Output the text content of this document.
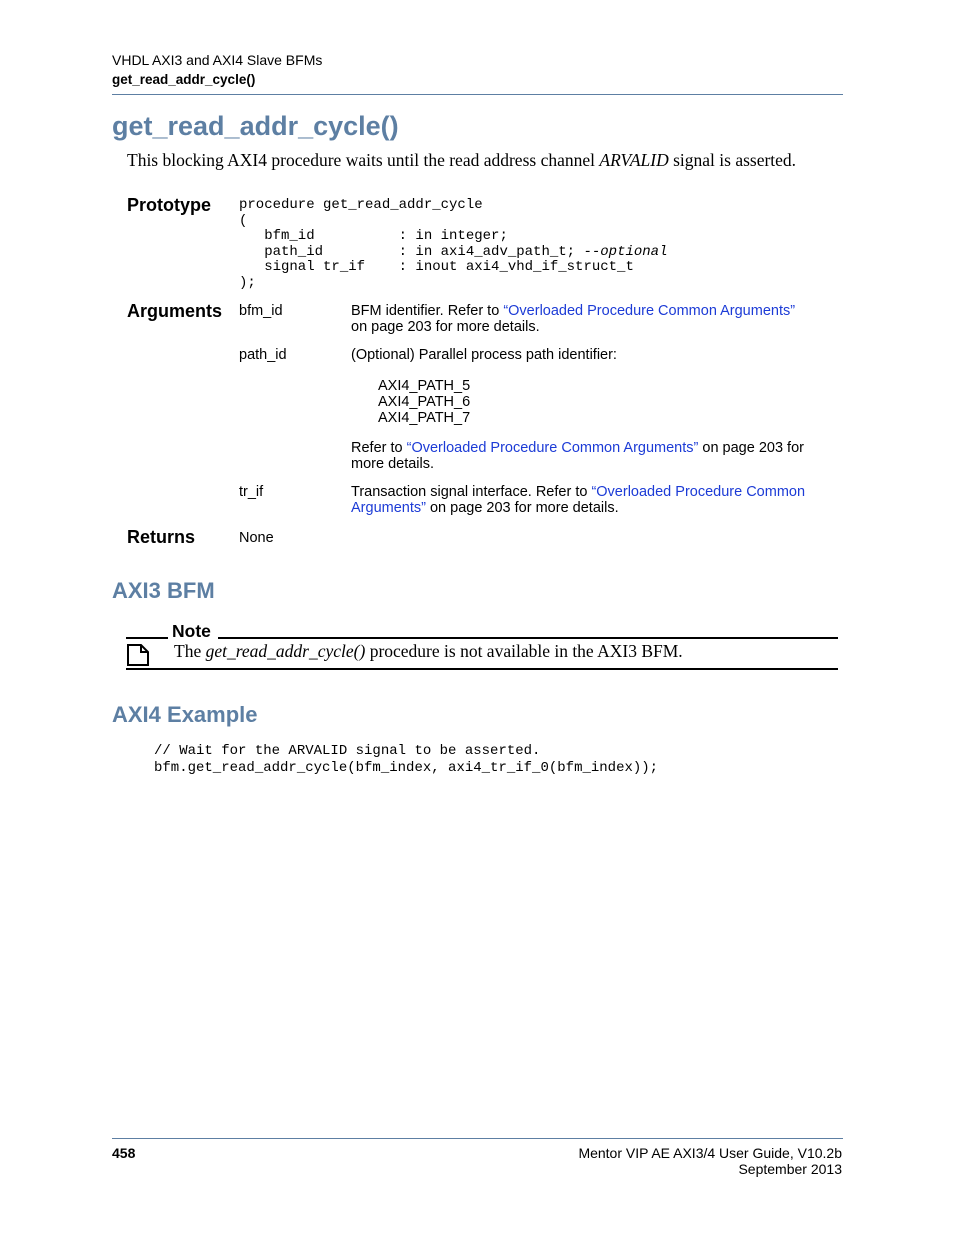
VHDL AXI3 and AXI4 Slave BFMs
get_read_addr_cycle()
get_read_addr_cycle()
This blocking AXI4 procedure waits until the read address channel ARVALID signal is asserted.
Prototype procedure get_read_addr_cycle
(
bfm_id          : in integer;
path_id         : in axi4_adv_path_t; --optional
signal tr_if    : inout axi4_vhd_if_struct_t
);
Arguments bfm_id	BFM identifier. Refer to “Overloaded Procedure Common Arguments”
on page 203 for more details.
path_id	(Optional) Parallel process path identifier:
AXI4_PATH_5
AXI4_PATH_6
AXI4_PATH_7
Refer to “Overloaded Procedure Common Arguments” on page 203 for
more details.
tr_if	Transaction signal interface. Refer to “Overloaded Procedure Common
Arguments” on page 203 for more details.
Returns	None
AXI3 BFM
Note
The get_read_addr_cycle() procedure is not available in the AXI3 BFM.
AXI4 Example
// Wait for the ARVALID signal to be asserted.
bfm.get_read_addr_cycle(bfm_index, axi4_tr_if_0(bfm_index));
458	Mentor VIP AE AXI3/4 User Guide, V10.2b
September 2013
